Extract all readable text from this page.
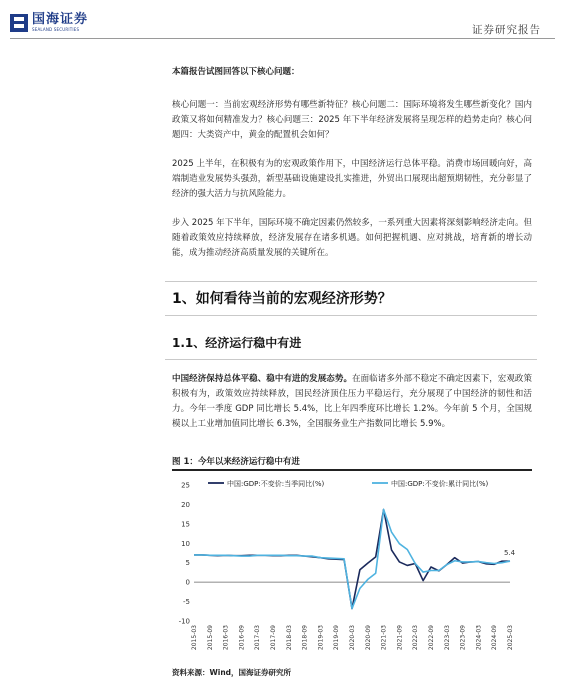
国海证券
SEALAND SECURITIES	证券研究报告

本篇报告试图回答以下核心问题：

核心问题一：当前宏观经济形势有哪些新特征？核心问题二：国际环境将发生哪些新变化？国内政策又将如何精准发力？核心问题三：2025 年下半年经济发展将呈现怎样的趋势走向？核心问题四：大类资产中，黄金的配置机会如何？

2025 上半年，在积极有为的宏观政策作用下，中国经济运行总体平稳。消费市场回暖向好，高端制造业发展势头强劲，新型基础设施建设扎实推进，外贸出口展现出超预期韧性，充分彰显了经济的强大活力与抗风险能力。

步入 2025 年下半年，国际环境不确定因素仍然较多，一系列重大因素将深刻影响经济走向。但随着政策效应持续释放，经济发展存在诸多机遇。如何把握机遇、应对挑战，培育新的增长动能，成为推动经济高质量发展的关键所在。

1、如何看待当前的宏观经济形势？
1.1、经济运行稳中有进
中国经济保持总体平稳、稳中有进的发展态势。在面临诸多外部不稳定不确定因素下，宏观政策积极有为，政策效应持续释放，国民经济顶住压力平稳运行，充分展现了中国经济的韧性和活力。今年一季度 GDP 同比增长 5.4%，比上年四季度环比增长 1.2%。今年前 5 个月，全国规模以上工业增加值同比增长 6.3%，全国服务业生产指数同比增长 5.9%。
图 1：今年以来经济运行稳中有进
-10
-5
0
5
10
15
20
25
2015-03 2015-09 2016-03 2016-09 2017-03 2017-09 2018-03 2018-09 2019-03 2019-09 2020-03 2020-09 2021-03 2021-09 2022-03 2022-09 2023-03 2023-09 2024-03 2024-09 2025-03
中国:GDP:不变价:当季同比(%)	中国:GDP:不变价:累计同比(%)
5.4
资料来源：Wind，国海证券研究所
